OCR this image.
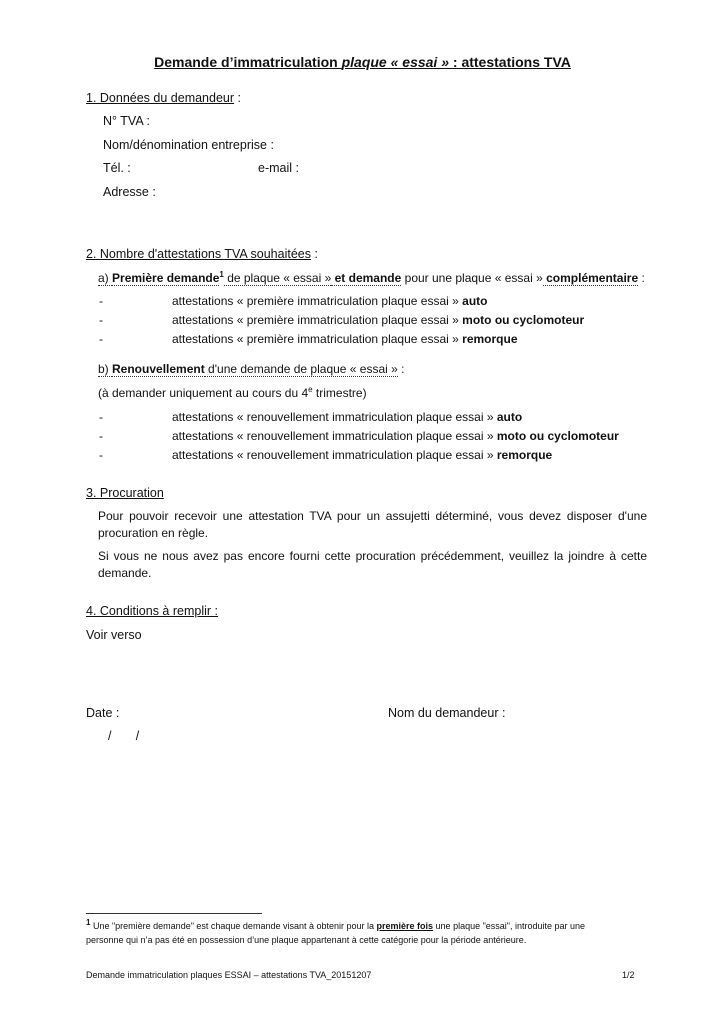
Demande d’immatriculation plaque « essai » : attestations TVA
1. Données du demandeur :
N° TVA :
Nom/dénomination entreprise :
Tél. :	e-mail :
Adresse :
2. Nombre d'attestations TVA souhaitées :
a) Première demande$^1$ de plaque « essai » et demande pour une plaque « essai » complémentaire :
-	attestations « première immatriculation plaque essai » auto
-	attestations « première immatriculation plaque essai » moto ou cyclomoteur
-	attestations « première immatriculation plaque essai » remorque
b) Renouvellement d'une demande de plaque « essai » :
(à demander uniquement au cours du 4e trimestre)
-	attestations « renouvellement immatriculation plaque essai » auto
-	attestations « renouvellement immatriculation plaque essai » moto ou cyclomoteur
-	attestations « renouvellement immatriculation plaque essai » remorque
3. Procuration
Pour pouvoir recevoir une attestation TVA pour un assujetti déterminé, vous devez disposer d'une procuration en règle.
Si vous ne nous avez pas encore fourni cette procuration précédemment, veuillez la joindre à cette demande.
4. Conditions à remplir :
Voir verso
Date :
/       /
Nom du demandeur :
$^1$ Une "première demande" est chaque demande visant à obtenir pour la première fois une plaque "essai", introduite par une
personne qui n’a pas été en possession d’une plaque appartenant à cette catégorie pour la période antérieure.
Demande immatriculation plaques ESSAI – attestations TVA_20151207	1/2
